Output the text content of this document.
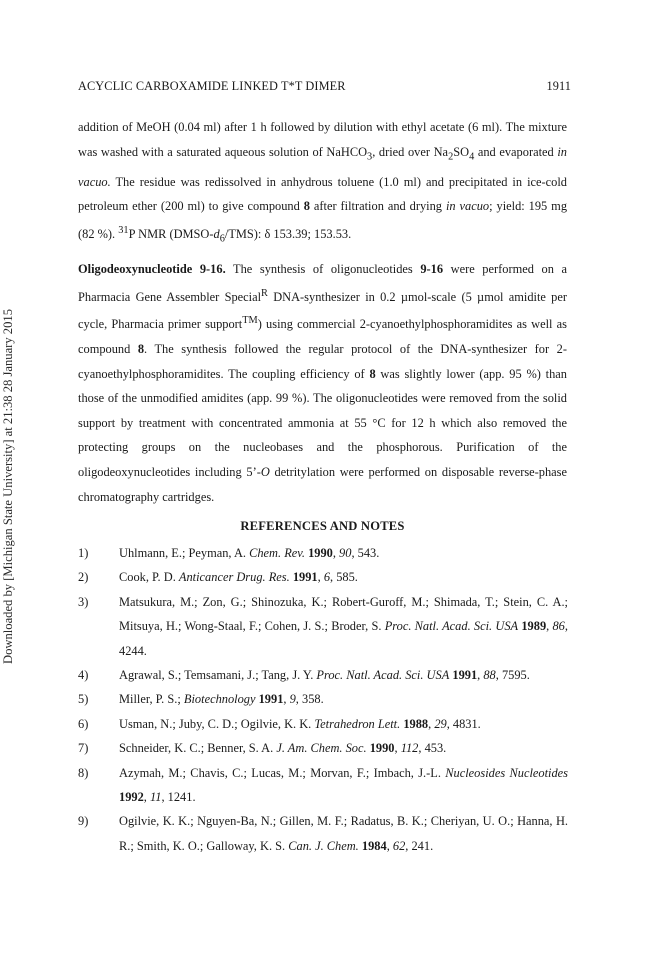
Downloaded by [Michigan State University] at 21:38 28 January 2015
ACYCLIC CARBOXAMIDE LINKED T*T DIMER	1911

addition of MeOH (0.04 ml) after 1 h followed by dilution with ethyl acetate (6 ml). The mixture was washed with a saturated aqueous solution of NaHCO$_3$, dried over $Na_2SO_4$ and evaporated in vacuo. The residue was redissolved in anhydrous toluene (1.0 ml) and precipitated in ice-cold petroleum ether (200 ml) to give compound 8 after filtration and drying in vacuo; yield: 195 mg (82 %). $^{31}$P NMR $(DMSO-d_6/TMS)$: δ 153.39; 153.53.

Oligodeoxynucleotide 9-16. The synthesis of oligonucleotides 9-16 were performed on a Pharmacia Gene Assembler Special$^R$ DNA-synthesizer in 0.2 µmol-scale (5 µmol amidite per cycle, Pharmacia primer support™) using commercial 2-cyanoethylphosphoramidites as well as compound 8. The synthesis followed the regular protocol of the DNA-synthesizer for 2-cyanoethylphosphoramidites. The coupling efficiency of 8 was slightly lower (app. 95 %) than those of the unmodified amidites (app. 99 %). The oligonucleotides were removed from the solid support by treatment with concentrated ammonia at 55 °C for 12 h which also removed the protecting groups on the nucleobases and the phosphorous. Purification of the oligodeoxynucleotides including 5’-O detritylation were performed on disposable reverse-phase chromatography cartridges.

REFERENCES AND NOTES
1)	Uhlmann, E.; Peyman, A. Chem. Rev. 1990, 90, 543.
2)	Cook, P. D. Anticancer Drug. Res. 1991, 6, 585.
3)	Matsukura, M.; Zon, G.; Shinozuka, K.; Robert-Guroff, M.; Shimada, T.; Stein, C. A.; Mitsuya, H.; Wong-Staal, F.; Cohen, J. S.; Broder, S. Proc. Natl. Acad. Sci. USA 1989, 86, 4244.
4)	Agrawal, S.; Temsamani, J.; Tang, J. Y. Proc. Natl. Acad. Sci. USA 1991, 88, 7595.
5)	Miller, P. S.; Biotechnology 1991, 9, 358.
6)	Usman, N.; Juby, C. D.; Ogilvie, K. K. Tetrahedron Lett. 1988, 29, 4831.
7)	Schneider, K. C.; Benner, S. A. J. Am. Chem. Soc. 1990, 112, 453.
8)	Azymah, M.; Chavis, C.; Lucas, M.; Morvan, F.; Imbach, J.-L. Nucleosides Nucleotides 1992, 11, 1241.
9)	Ogilvie, K. K.; Nguyen-Ba, N.; Gillen, M. F.; Radatus, B. K.; Cheriyan, U. O.; Hanna, H. R.; Smith, K. O.; Galloway, K. S. Can. J. Chem. 1984, 62, 241.
